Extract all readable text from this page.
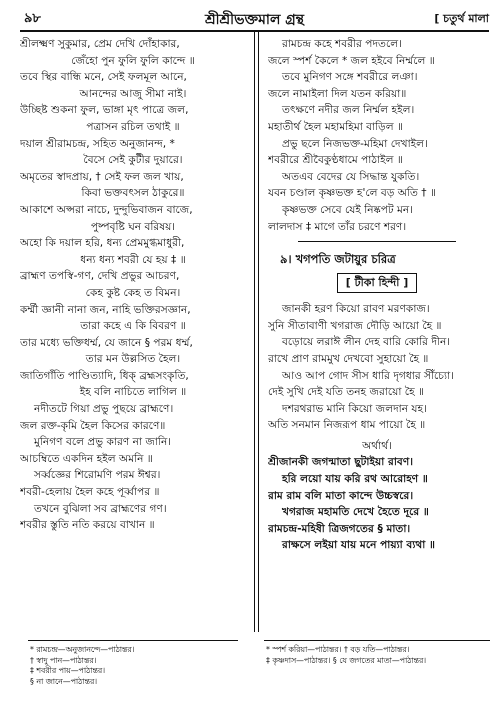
৯৮	শ্রীশ্রীভক্তমাল গ্রন্থ	[ চতুর্থ মালা
শ্রীলক্ষ্মণ সুকুমার, প্রেম দেখি দোঁহাকার,
জেঁহো পুন ফুলি ফুলি কান্দে ॥
তবে স্থির বান্ধি মনে, সেই ফলমূল আনে,
আনন্দের আজু সীমা নাই।
উচ্ছিষ্ট শুকনা ফুল, ভাঙ্গা মৃৎ পাত্রে জল,
পত্রাসন রচিল তথাই ॥
দয়াল শ্রীরামচন্দ্র, সহিত অনুজানন্দ, *
বৈসে সেই কুটীর দুয়ারে।
অমৃতের স্বাদপ্রায়, † সেই ফল জল খায়,
কিবা ভক্তবৎসল ঠাকুরে॥
আকাশে অপ্সরা নাচে, দুন্দুভিবাজন বাজে,
পুষ্পবৃষ্টি ঘন বরিষয়।
অহো কি দয়াল হরি, ধন্য প্রেমমুগ্ধমাধুরী,
ধন্য ধন্য শবরী যে হয় ‡ ॥
ব্রাহ্মণ তপস্বি-গণ, দেখি প্রভুর আচরণ,
কেহ কুষ্ট কেহ ত বিমন।
কর্ম্মী জ্ঞানী নানা জন, নাহি ভক্তিরসজ্ঞান,
তারা কহে এ কি বিবরণ ॥
তার মধ্যে ভক্তিধর্ম্ম, যে জানে § পরম ধর্ম্ম,
তার মন উল্লসিত হৈল।
জাতিগাঁতি পাণ্ডিত্যাদি, ধিক্ ব্রহ্মসংকৃতি,
ইহ বলি নাচিতে লাগিল ॥
নদীতটে গিয়া প্রভু পুছয়ে ব্রাহ্মণে।
জল রক্ত-কৃমি হৈল কিসের কারণে॥
মুনিগণ বলে প্রভু কারণ না জানি।
আচম্বিতে একদিন হইল অমনি ॥
সর্ব্বজ্ঞের শিরোমণি পরম ঈশ্বর।
শবরী-হেলায় হৈল কহে পূর্ব্বাপর ॥
তখনে বুঝিলা সব ব্রাহ্মণের গণ।
শবরীর স্তুতি নতি করয়ে বাখান ॥
রামচন্দ্র কহে শবরীর পদতলে।
জলে স্পর্শ কৈলে * জল হইবে নির্ম্মলে ॥
তবে মুনিগণ সঙ্গে শবরীরে লঞা।
জলে নামাইলা দিল যতন করিয়া॥
তৎক্ষণে নদীর জল নির্ম্মল হইল।
মহাতীর্থ হৈল মহামহিমা বাড়িল ॥
প্রভু ছলে নিজভক্ত-মহিমা দেখাইল।
শবরীরে শ্রীবৈকুণ্ঠধামে পাঠাইল ॥
অতএব বেদের যে সিদ্ধান্ত যুকতি।
যবন চণ্ডাল কৃষ্ণভক্ত হ'লে বড় অতি † ॥
কৃষ্ণভক্ত সেবে যেই নিষ্কপট মন।
লালদাস ‡ মাগে তাঁর চরণে শরণ।
৯। খগপতি জটায়ুর চরিত্র
[ টীকা হিন্দী ]
জানকী হরণ কিয়ো রাবণ মরণকাজ।
সুনি সীতাবাণী খগরাজ দৌড়ি আয়ো হৈ ॥
বড়োয়ে লরাঈ লীন দেহ বারি কোরি দীন।
রাখে প্রাণ রামমুখ দেখবো সুহায়ো হৈ ॥
আও আপ গোদ সীস ধারি দৃগধার সীঁচ্যো।
দেই সুখি দেই যতি তনহ জরায়ো হৈ ॥
দশরথরাভ মানি কিয়ো জলদান যহ।
অতি সনমান নিজরূপ ধাম পায়ো হৈ ॥
অর্থার্থ।
শ্রীজানকী জগন্মাতা ছুটাইয়া রাবণ।
হরি লয়ো যায় করি রথ আরোহণ ॥
রাম রাম বলি মাতা কান্দে উচ্চস্বরে।
খগরাজ মহামতি দেখে হৈতে দূরে ॥
রামচন্দ্র-মহিষী ত্রিজগতের § মাতা।
রাক্ষসে লইয়া যায় মনে পায়্যা ব্যথা ॥
* রামচন্দ্র—অনুজানন্দে—পাঠান্তর।
† স্বাদু পান—পাঠান্তর।
‡ শবরীর পায়—পাঠান্তর।
§ না জানে—পাঠান্তর।
* স্পর্শ করিয়া—পাঠান্তর। † বড় যতি—পাঠান্তর।
‡ কৃষ্ণদাস—পাঠান্তর। § যে জগতের মাতা—পাঠান্তর।
